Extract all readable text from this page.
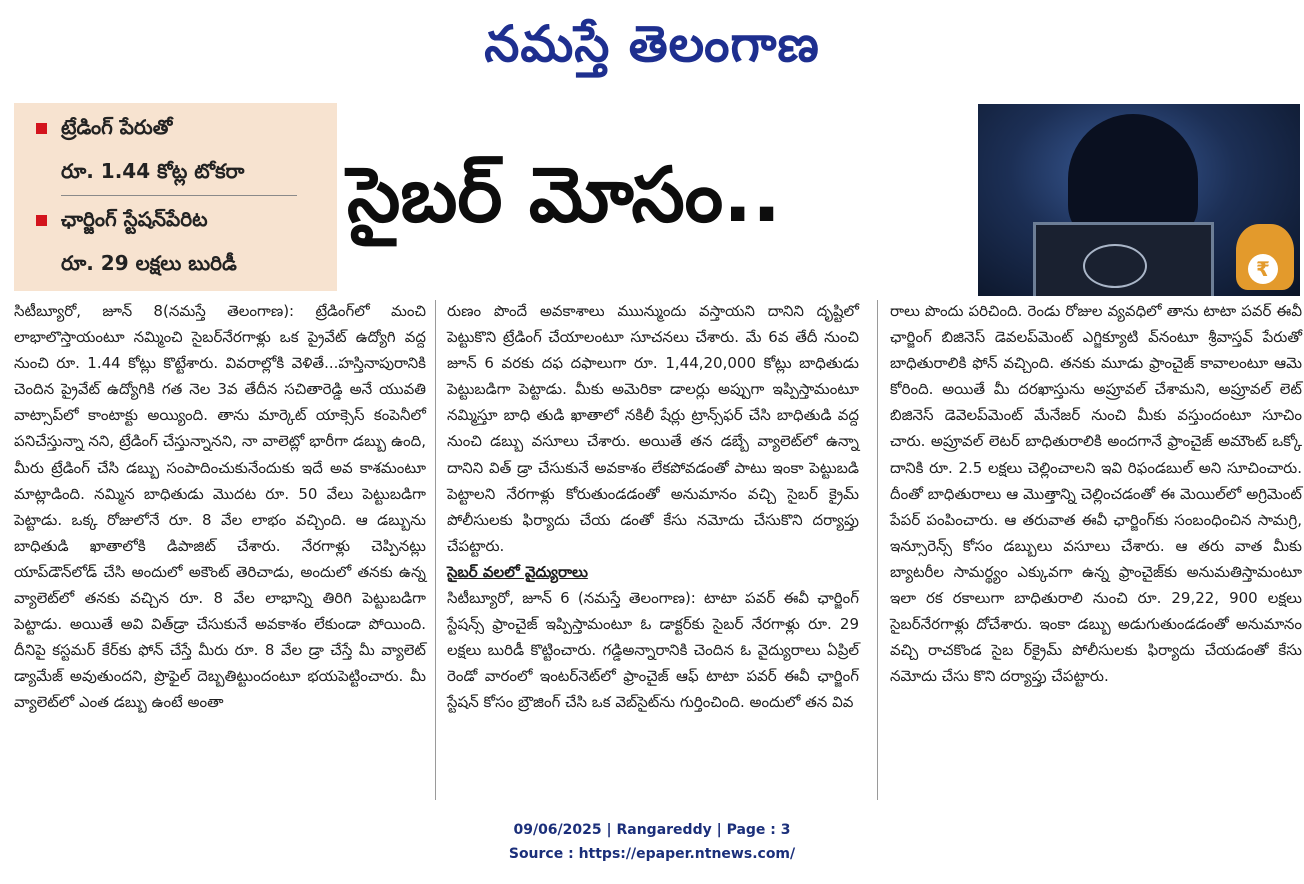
నమస్తే తెలంగాణ
ట్రేడింగ్ పేరుతో
రూ. 1.44 కోట్ల టోకరా
ఛార్జింగ్ స్టేషన్‌పేరిట
రూ. 29 లక్షలు బురిడీ
సైబర్ మోసం..
₹

సిటీబ్యూరో, జూన్ 8(నమస్తే తెలంగాణ): ట్రేడింగ్‌లో మంచి లాభాలొస్తాయంటూ నమ్మించి సైబర్‌నేరగాళ్లు ఒక ప్రైవేట్ ఉద్యోగి వద్ద నుంచి రూ. 1.44 కోట్లు కొట్టేశారు. వివరాల్లోకి వెళితే...హస్తినాపురానికి చెందిన ప్రైవేట్ ఉద్యోగికి గత నెల 3వ తేదీన సచితారెడ్డి అనే యువతి వాట్సాప్‌లో కాంటాక్టు అయ్యింది. తాను మార్కెట్ యాక్సెస్ కంపెనీలో పనిచేస్తున్నా నని, ట్రేడింగ్ చేస్తున్నానని, నా వాలెట్లో భారీగా డబ్బు ఉంది, మీరు ట్రేడింగ్ చేసి డబ్బు సంపాదించుకునేందుకు ఇదే అవ కాశమంటూ మాట్లాడింది. నమ్మిన బాధితుడు మొదట రూ. 50 వేలు పెట్టుబడిగా పెట్టాడు. ఒక్క రోజులోనే రూ. 8 వేల లాభం వచ్చింది. ఆ డబ్బును బాధితుడి ఖాతాలోకి డిపాజిట్ చేశారు. నేరగాళ్లు చెప్పినట్లు యాప్‌డౌన్‌లోడ్ చేసి అందులో అకౌంట్ తెరిచాడు, అందులో తనకు ఉన్న వ్యాలెట్‌లో తనకు వచ్చిన రూ. 8 వేల లాభాన్ని తిరిగి పెట్టుబడిగా పెట్టాడు. అయితే అవి విత్‌డ్రా చేసుకునే అవకాశం లేకుండా పోయింది. దీనిపై కస్టమర్ కేర్‌కు ఫోన్ చేస్తే మీరు రూ. 8 వేల డ్రా చేస్తే మీ వ్యాలెట్ డ్యామేజ్ అవుతుందని, ప్రొఫైల్ దెబ్బతిట్టుందంటూ భయపెట్టించారు. మీ వ్యాలెట్‌లో ఎంత డబ్బు ఉంటే అంతా

రుణం పొందే అవకాశాలు ముున్ముందు వస్తాయని దానిని దృష్టిలో పెట్టుకొని ట్రేడింగ్ చేయాలంటూ సూచనలు చేశారు. మే 6వ తేదీ నుంచి జూన్ 6 వరకు దఫ దఫాలుగా రూ. 1,44,20,000 కోట్లు బాధితుడు పెట్టుబడిగా పెట్టాడు. మీకు అమెరికా డాలర్లు అప్పుగా ఇప్పిస్తామంటూ నమ్మిస్తూ బాధి తుడి ఖాతాలో నకిలీ షేర్లు ట్రాన్స్‌ఫర్ చేసి బాధితుడి వద్ద నుంచి డబ్బు వసూలు చేశారు. అయితే తన డబ్బే వ్యాలెట్‌లో ఉన్నా దానిని విత్ డ్రా చేసుకునే అవకాశం లేకపోవడంతో పాటు ఇంకా పెట్టుబడి పెట్టాలని నేరగాళ్లు కోరుతుండడంతో అనుమానం వచ్చి సైబర్ క్రైమ్ పోలీసులకు ఫిర్యాదు చేయ డంతో కేసు నమోదు చేసుకొని దర్యాప్తు చేపట్టారు.

సైబర్ వలలో వైద్యురాలు

సిటీబ్యూరో, జూన్ 6 (నమస్తే తెలంగాణ): టాటా పవర్ ఈవీ ఛార్జింగ్ స్టేషన్స్ ఫ్రాంచైజ్ ఇప్పిస్తామంటూ ఓ డాక్టర్‌కు సైబర్ నేరగాళ్లు రూ. 29 లక్షలు బురిడీ కొట్టించారు. గడ్డిఅన్నారానికి చెందిన ఓ వైద్యురాలు ఏప్రిల్ రెండో వారంలో ఇంటర్‌నెట్‌లో ఫ్రాంచైజ్ ఆఫ్ టాటా పవర్ ఈవీ ఛార్జింగ్ స్టేషన్ కోసం బ్రౌజింగ్ చేసి ఒక వెబ్‌సైట్‌ను గుర్తించింది. అందులో తన వివ

రాలు పొందు పరిచింది. రెండు రోజుల వ్యవధిలో తాను టాటా పవర్ ఈవీ ఛార్జింగ్ బిజినెస్ డెవలప్‌మెంట్ ఎగ్జిక్యూటి వ్‌నంటూ శ్రీవాస్తవ్ పేరుతో బాధితురాలికి ఫోన్ వచ్చింది. తనకు మూడు ఫ్రాంచైజ్ కావాలంటూ ఆమె కోరింది. అయితే మీ దరఖాస్తును అప్రూవల్ చేశామని, అప్రూవల్ లెట్ బిజినెస్ డెవెలప్‌మెంట్ మేనేజర్ నుంచి మీకు వస్తుందంటూ సూచిం చారు. అప్రూవల్ లెటర్ బాధితురాలికి అందగానే ఫ్రాంచైజ్ అమౌంట్ ఒక్కో దానికి రూ. 2.5 లక్షలు చెల్లించాలని ఇవి రిఫండబుల్ అని సూచించారు. దీంతో బాధితురాలు ఆ మొత్తాన్ని చెల్లించడంతో ఈ మెయిల్‌లో అగ్రిమెంట్ పేపర్ పంపించారు. ఆ తరువాత ఈవీ ఛార్జింగ్‌కు సంబంధించిన సామగ్రి, ఇన్సూరెన్స్ కోసం డబ్బులు వసూలు చేశారు. ఆ తరు వాత మీకు బ్యాటరీల సామర్థ్యం ఎక్కువగా ఉన్న ఫ్రాంచైజ్‌కు అనుమతిస్తామంటూ ఇలా రక రకాలుగా బాధితురాలి నుంచి రూ. 29,22, 900 లక్షలు సైబర్‌నేరగాళ్లు దోచేశారు. ఇంకా డబ్బు అడుగుతుండడంతో అనుమానం వచ్చి రాచకొండ సైబ ర్‌క్రైమ్ పోలీసులకు ఫిర్యాదు చేయడంతో కేసు నమోదు చేసు కొని దర్యాప్తు చేపట్టారు.

09/06/2025 | Rangareddy | Page : 3
Source : https://epaper.ntnews.com/
